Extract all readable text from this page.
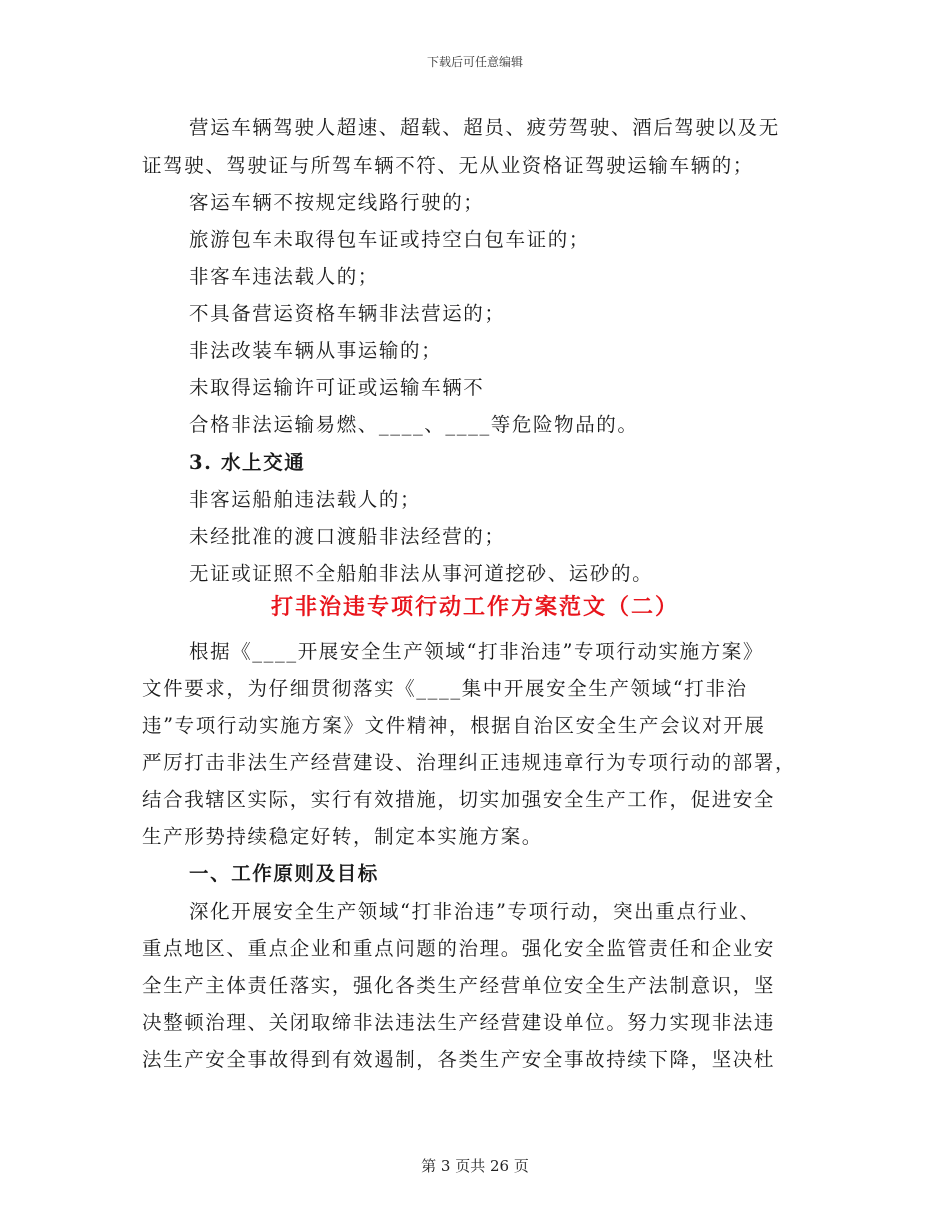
下载后可任意编辑
营运车辆驾驶人超速、超载、超员、疲劳驾驶、酒后驾驶以及无
证驾驶、驾驶证与所驾车辆不符、无从业资格证驾驶运输车辆的；
客运车辆不按规定线路行驶的；
旅游包车未取得包车证或持空白包车证的；
非客车违法载人的；
不具备营运资格车辆非法营运的；
非法改装车辆从事运输的；
未取得运输许可证或运输车辆不
合格非法运输易燃、____、____等危险物品的。
3. 水上交通
非客运船舶违法载人的；
未经批准的渡口渡船非法经营的；
无证或证照不全船舶非法从事河道挖砂、运砂的。
打非治违专项行动工作方案范文（二）
根据《____开展安全生产领域“打非治违”专项行动实施方案》
文件要求，为仔细贯彻落实《____集中开展安全生产领域“打非治
违”专项行动实施方案》文件精神，根据自治区安全生产会议对开展
严厉打击非法生产经营建设、治理纠正违规违章行为专项行动的部署，
结合我辖区实际，实行有效措施，切实加强安全生产工作，促进安全
生产形势持续稳定好转，制定本实施方案。
一、工作原则及目标
深化开展安全生产领域“打非治违”专项行动，突出重点行业、
重点地区、重点企业和重点问题的治理。强化安全监管责任和企业安
全生产主体责任落实，强化各类生产经营单位安全生产法制意识，坚
决整顿治理、关闭取缔非法违法生产经营建设单位。努力实现非法违
法生产安全事故得到有效遏制，各类生产安全事故持续下降，坚决杜
第 3 页共 26 页
